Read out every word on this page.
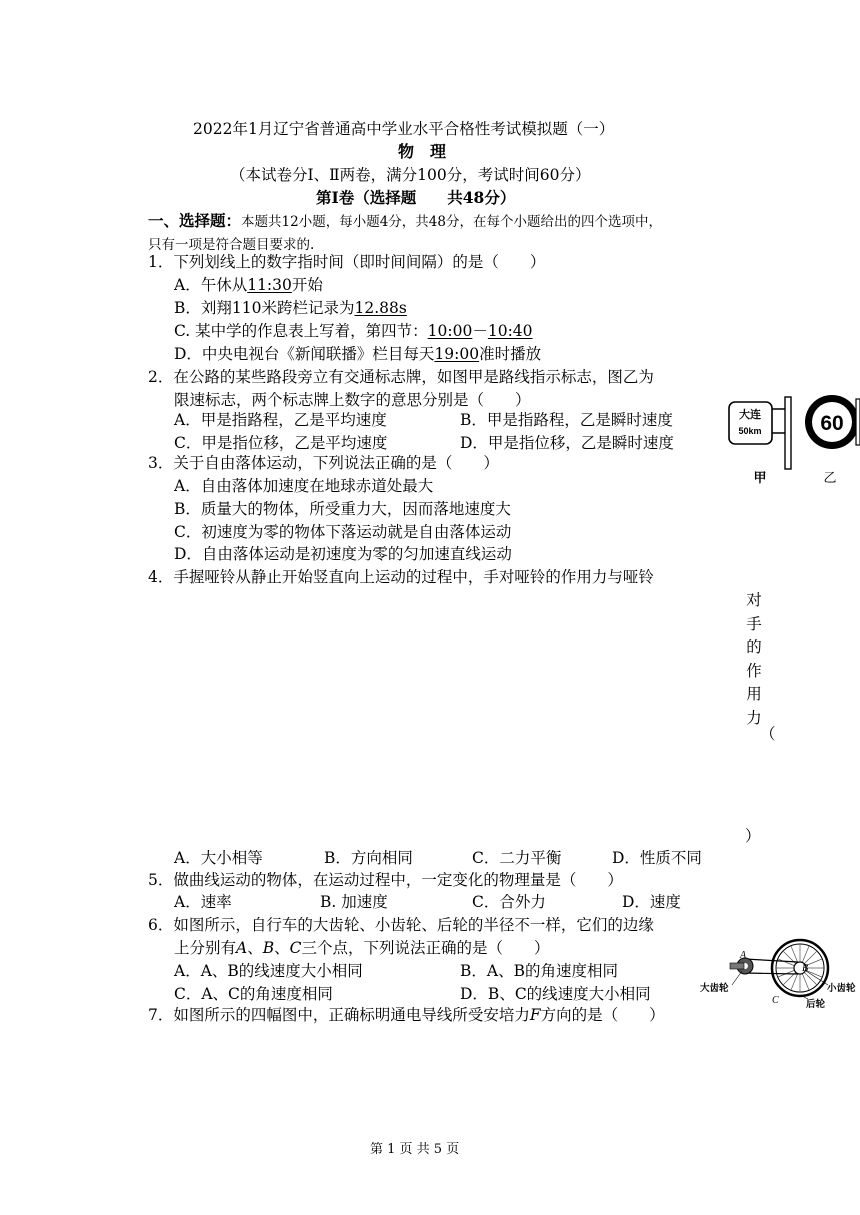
2022年1月辽宁省普通高中学业水平合格性考试模拟题（一）
物　理
（本试卷分Ⅰ、Ⅱ两卷，满分100分，考试时间60分）
第Ⅰ卷（选择题　　共48分）
一、选择题：本题共12小题，每小题4分，共48分，在每个小题给出的四个选项中，
只有一项是符合题目要求的.
1．下列划线上的数字指时间（即时间间隔）的是（　　）
A．午休从11:30开始
B．刘翔110米跨栏记录为12.88s
C. 某中学的作息表上写着，第四节：10:00－10:40
D．中央电视台《新闻联播》栏目每天19:00准时播放
2．在公路的某些路段旁立有交通标志牌，如图甲是路线指示标志，图乙为
限速标志，两个标志牌上数字的意思分别是（　　）
A．甲是指路程，乙是平均速度	B．甲是指路程，乙是瞬时速度
C．甲是指位移，乙是平均速度	D．甲是指位移，乙是瞬时速度
大连
50km	60
甲	乙
3．关于自由落体运动，下列说法正确的是（　　）
A．自由落体加速度在地球赤道处最大
B．质量大的物体，所受重力大，因而落地速度大
C．初速度为零的物体下落运动就是自由落体运动
D．自由落体运动是初速度为零的匀加速直线运动
4．手握哑铃从静止开始竖直向上运动的过程中，手对哑铃的作用力与哑铃
对
手
的
作
用
力
（
）
A．大小相等	B．方向相同	C．二力平衡	D．性质不同
5．做曲线运动的物体，在运动过程中，一定变化的物理量是（　　）
A．速率	B. 加速度	C．合外力	D．速度
6．如图所示，自行车的大齿轮、小齿轮、后轮的半径不一样，它们的边缘
上分别有A、B、C三个点，下列说法正确的是（　　）
A．A、B的线速度大小相同	B．A、B的角速度相同
C．A、C的角速度相同	D．B、C的线速度大小相同
A
B
C
大齿轮	小齿轮
后轮
7．如图所示的四幅图中，正确标明通电导线所受安培力F方向的是（　　）
第 1 页 共 5 页
